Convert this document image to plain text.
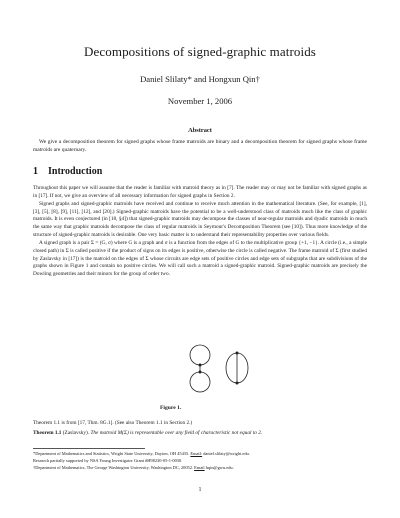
Decompositions of signed-graphic matroids
Daniel Slilaty* and Hongxun Qin†
November 1, 2006
Abstract
We give a decomposition theorem for signed graphs whose frame matroids are binary and a decomposition theorem for signed graphs whose frame matroids are quaternary.
1 Introduction

Throughout this paper we will assume that the reader is familiar with matroid theory as in [7]. The reader may or may not be familiar with signed graphs as in [17]. If not, we give an overview of all necessary information for signed graphs in Section 2.

Signed graphs and signed-graphic matroids have received and continue to receive much attention in the mathematical literature. (See, for example, [1], [3], [5], [8], [9], [11], [12], and [20].) Signed-graphic matroids have the potential to be a well-understood class of matroids much like the class of graphic matroids. It is even conjectured (in [18, §4]) that signed-graphic matroids may decompose the classes of near-regular matroids and dyadic matroids in much the same way that graphic matroids decompose the class of regular matroids in Seymour's Decomposition Theorem (see [10]). Thus more knowledge of the structure of signed-graphic matroids is desirable. One very basic matter is to understand their representability properties over various fields.

A signed graph is a pair Σ = (G, σ) where G is a graph and σ is a function from the edges of G to the multiplicative group {+1, −1}. A circle (i.e., a simple closed path) in Σ is called positive if the product of signs on its edges is positive, otherwise the circle is called negative. The frame matroid of Σ (first studied by Zaslavsky in [17]) is the matroid on the edges of Σ whose circuits are edge sets of positive circles and edge sets of subgraphs that are subdivisions of the graphs shown in Figure 1 and contain no positive circles. We will call such a matroid a signed-graphic matroid. Signed-graphic matroids are precisely the Dowling geometries and their minors for the group of order two.

Figure 1.
Theorem 1.1 is from [17, Thm. 8G.1]. (See also Theorem 1.1 in Section 2.)
Theorem 1.1 (Zaslavsky). The matroid M(Σ) is representable over any field of characteristic not equal to 2.
*Department of Mathematics and Statistics, Wright State University, Dayton, OH 45435. Email: daniel.slilaty@wright.edu.
Research partially supported by NSA Young Investigator Grant #H98230-05-1-0030.
†Department of Mathematics, The George Washington University, Washington DC, 20052. Email hqin@gwu.edu.
1
